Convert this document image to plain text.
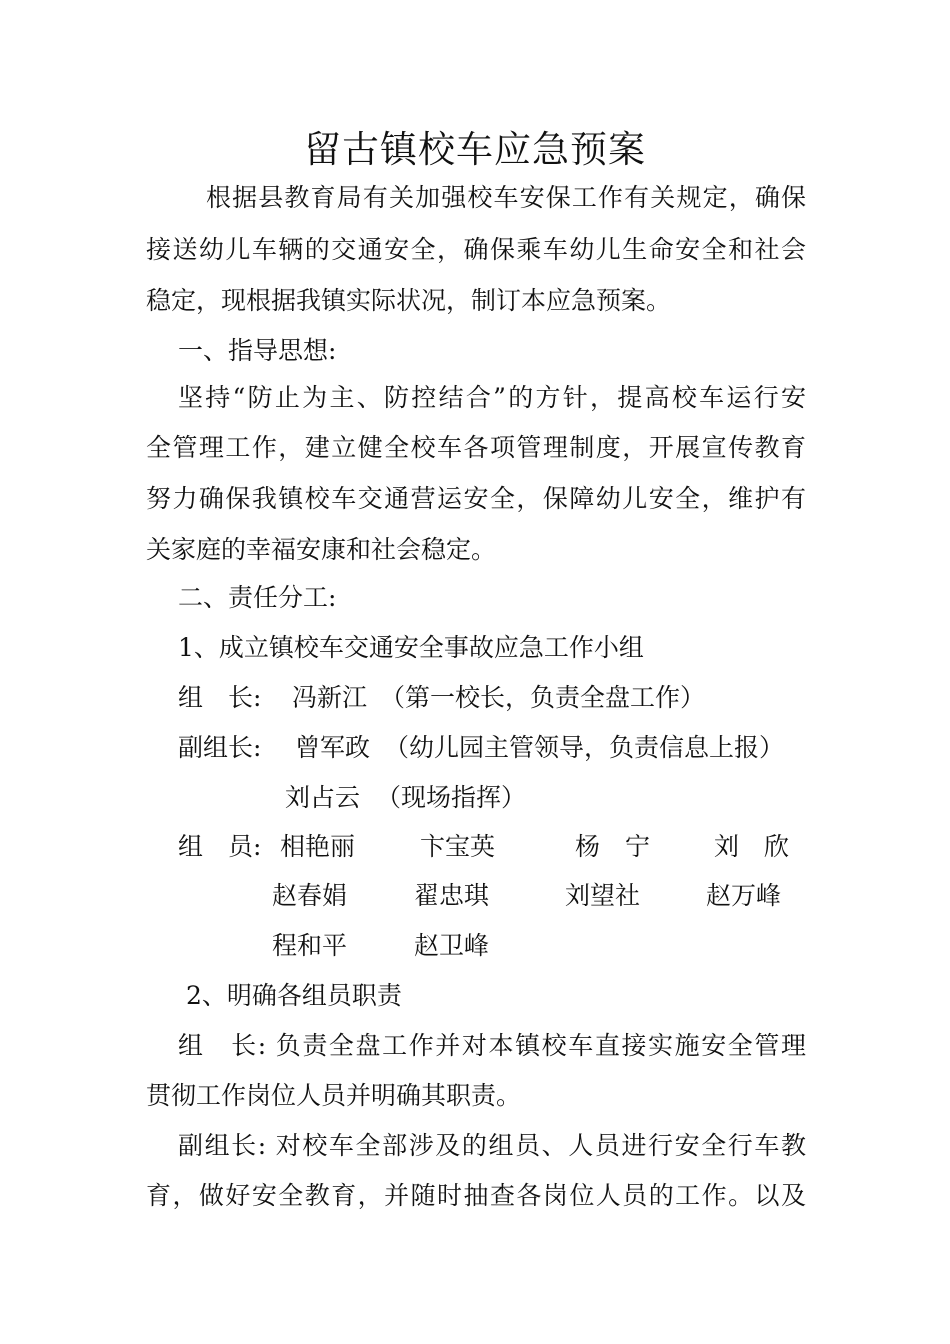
留古镇校车应急预案
根据县教育局有关加强校车安保工作有关规定，确保
接送幼儿车辆的交通安全，确保乘车幼儿生命安全和社会
稳定，现根据我镇实际状况，制订本应急预案。
一、指导思想:
坚持“防止为主、防控结合”的方针，提高校车运行安
全管理工作，建立健全校车各项管理制度，开展宣传教育
努力确保我镇校车交通营运安全，保障幼儿安全，维护有
关家庭的幸福安康和社会稳定。
二、责任分工:
1、成立镇校车交通安全事故应急工作小组
组　长: 冯新江 （第一校长，负责全盘工作）
副组长: 曾军政 （幼儿园主管领导，负责信息上报）
刘占云 （现场指挥）
组　员: 相艳丽	卞宝英	杨　宁	刘　欣
赵春娟	翟忠琪	刘望社	赵万峰
程和平	赵卫峰
2、明确各组员职责
组　长: 负责全盘工作并对本镇校车直接实施安全管理
贯彻工作岗位人员并明确其职责。
副组长: 对校车全部涉及的组员、人员进行安全行车教
育，做好安全教育，并随时抽查各岗位人员的工作。以及
